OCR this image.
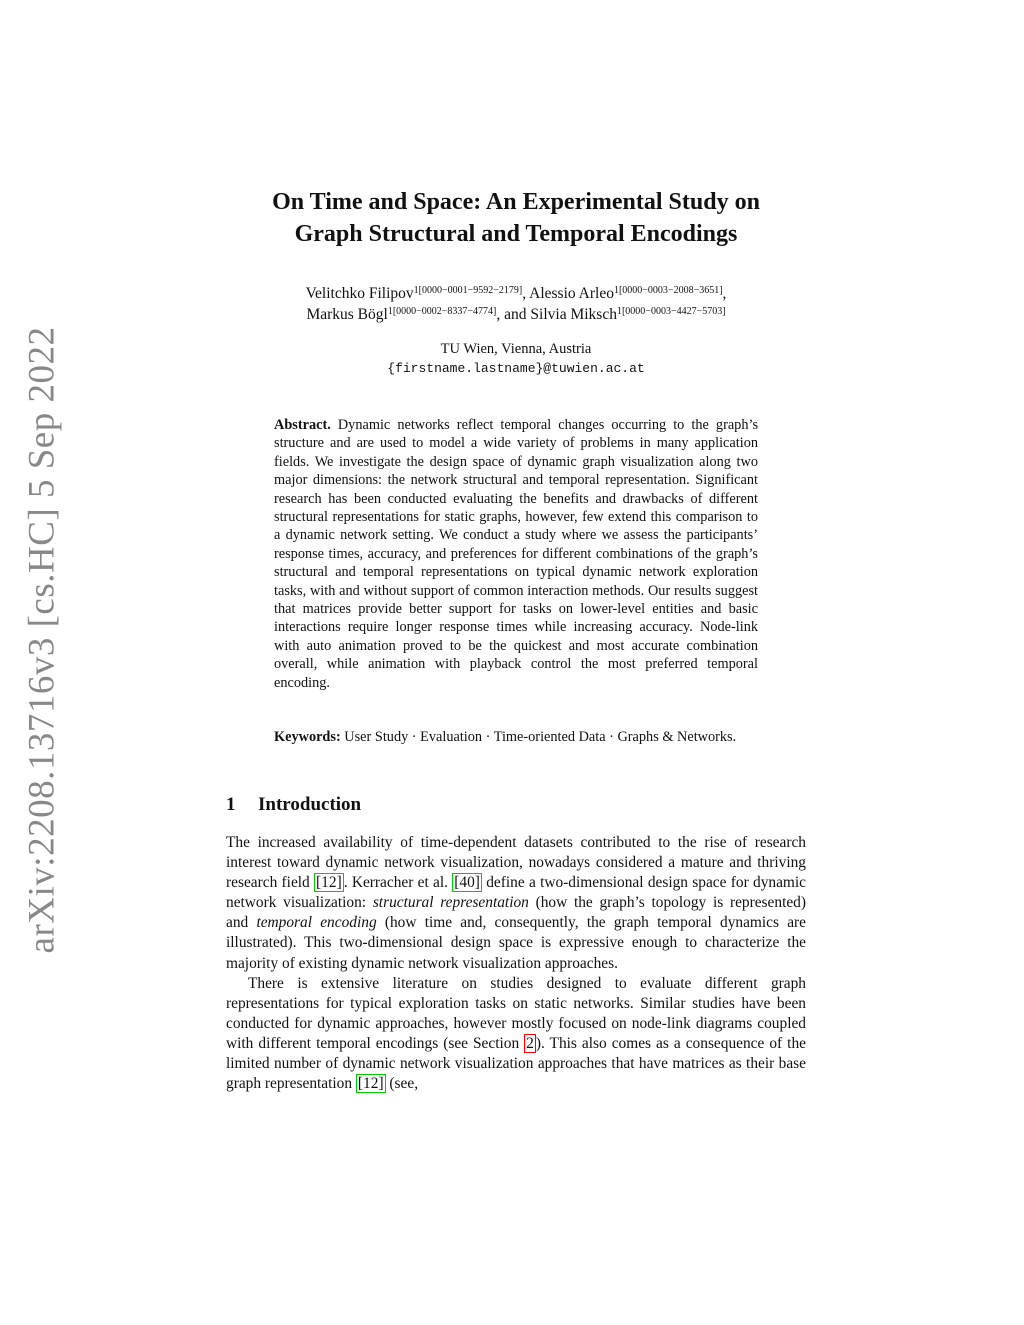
arXiv:2208.13716v3 [cs.HC] 5 Sep 2022
On Time and Space: An Experimental Study on
Graph Structural and Temporal Encodings
Velitchko Filipov$^{1[0000-0001-9592-2179]}$, Alessio Arleo$^{1[0000-0003-2008-3651]}$,
Markus Bögl$^{1[0000-0002-8337-4774]}$, and Silvia Miksch$^{1[0000-0003-4427-5703]}$
TU Wien, Vienna, Austria
{firstname.lastname}@tuwien.ac.at
Abstract. Dynamic networks reflect temporal changes occurring to the graph’s structure and are used to model a wide variety of problems in many application fields. We investigate the design space of dynamic graph visualization along two major dimensions: the network structural and temporal representation. Significant research has been conducted evaluating the benefits and drawbacks of different structural representations for static graphs, however, few extend this comparison to a dynamic network setting. We conduct a study where we assess the participants’ response times, accuracy, and preferences for different combinations of the graph’s structural and temporal representations on typical dynamic network exploration tasks, with and without support of common interaction methods. Our results suggest that matrices provide better support for tasks on lower-level entities and basic interactions require longer response times while increasing accuracy. Node-link with auto animation proved to be the quickest and most accurate combination overall, while animation with playback control the most preferred temporal encoding.
Keywords: User Study · Evaluation · Time-oriented Data · Graphs & Networks.
1 Introduction

The increased availability of time-dependent datasets contributed to the rise of research interest toward dynamic network visualization, nowadays considered a mature and thriving research field [12] . Kerracher et al. [40] define a two-dimensional design space for dynamic network visualization: structural representation (how the graph’s topology is represented) and temporal encoding (how time and, consequently, the graph temporal dynamics are illustrated). This two-dimensional design space is expressive enough to characterize the majority of existing dynamic network visualization approaches.

There is extensive literature on studies designed to evaluate different graph representations for typical exploration tasks on static networks. Similar studies have been conducted for dynamic approaches, however mostly focused on node-link diagrams coupled with different temporal encodings (see Section 2 ). This also comes as a consequence of the limited number of dynamic network visualization approaches that have matrices as their base graph representation [12] (see,
